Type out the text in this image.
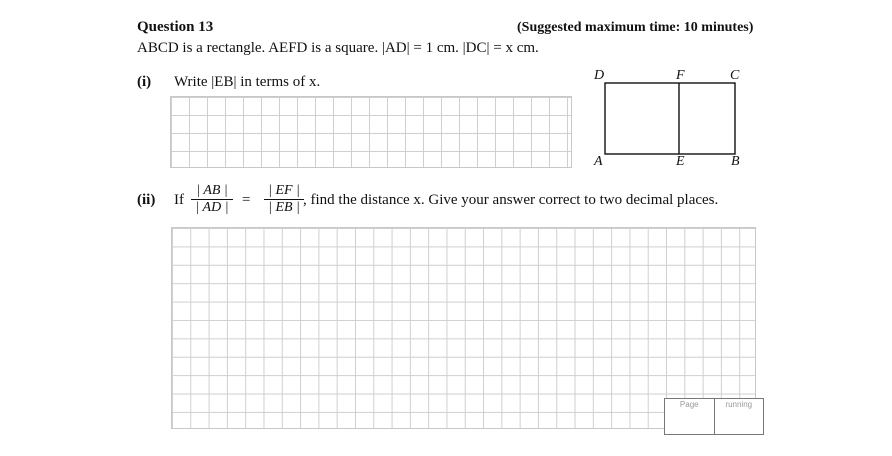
Question 13	(Suggested maximum time: 10 minutes)
ABCD is a rectangle. AEFD is a square. |AD| = 1 cm. |DC| = x cm.
(i) Write |EB| in terms of x.	D	F	C
A	E	B
(ii) If $\frac{| AB |}{| AD |} = \frac{| EF |}{| EB |}$ , find the distance x. Give your answer correct to two decimal places.
Page	running
